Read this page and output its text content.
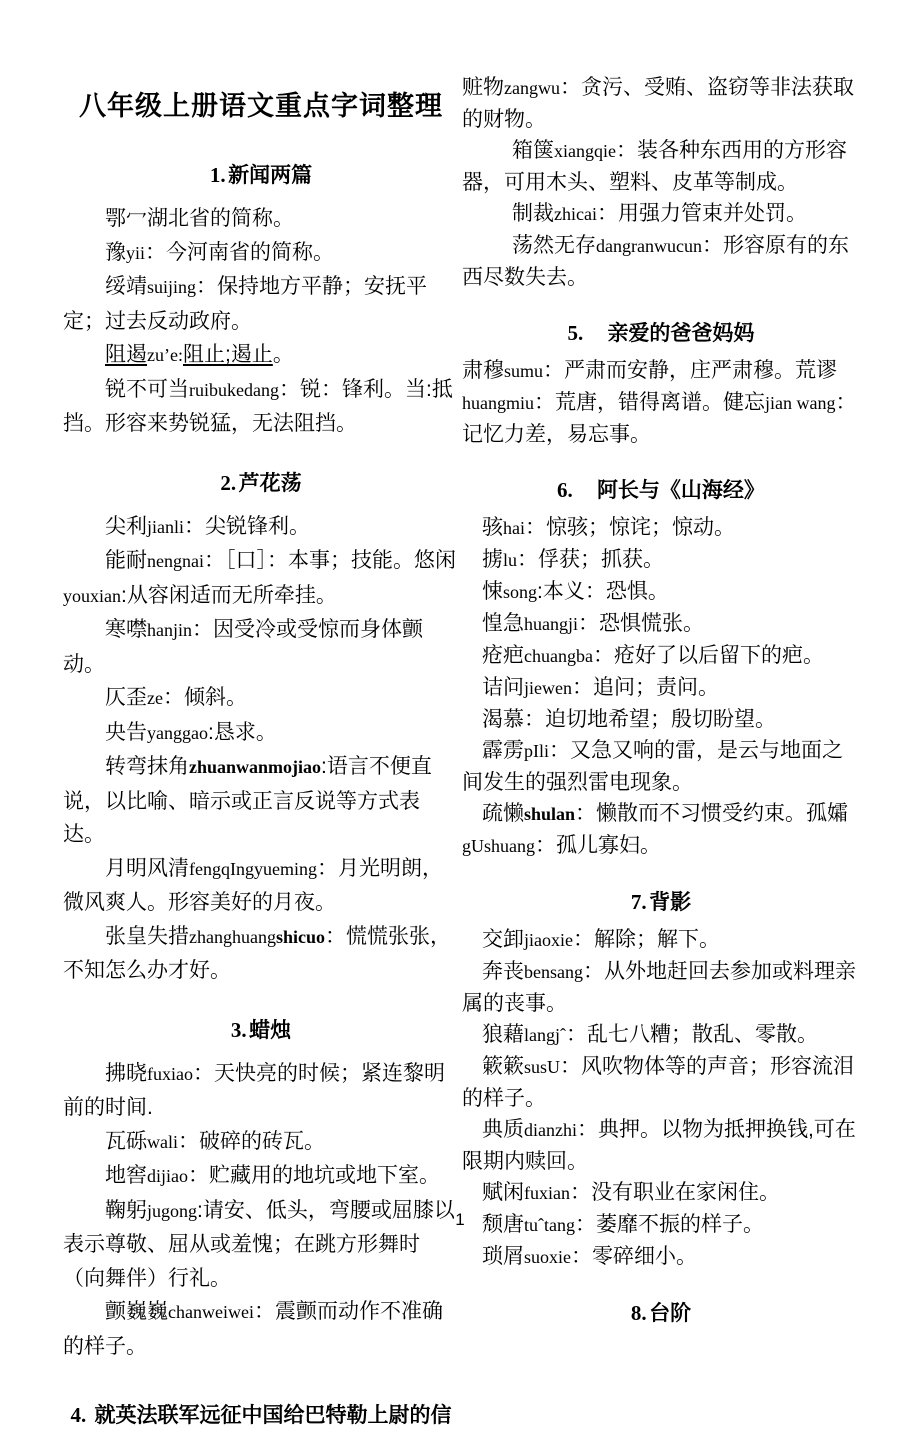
八年级上册语文重点字词整理
1. 新闻两篇

鄂冖湖北省的简称。

豫yii：今河南省的简称。

绥靖suijing：保持地方平静；安抚平定；过去反动政府。

阻遏zu’e:阻止;遏止。

锐不可当ruibukedang：锐：锋利。当:抵挡。形容来势锐猛，无法阻挡。

2. 芦花荡

尖利jianli：尖锐锋利。

能耐nengnai：［口］：本事；技能。悠闲youxian:从容闲适而无所牵挂。

寒噤hanjin：因受冷或受惊而身体颤动。

仄歪ze：倾斜。

央告yanggao:恳求。

转弯抹角zhuanwanmojiao:语言不便直说，以比喻、暗示或正言反说等方式表达。

月明风清fengqIngyueming：月光明朗，微风爽人。形容美好的月夜。

张皇失措zhanghuangshicuo：慌慌张张，不知怎么办才好。

3. 蜡烛

拂晓fuxiao：天快亮的时候；紧连黎明前的时间.

瓦砾wali：破碎的砖瓦。

地窖dijiao：贮藏用的地坑或地下室。

鞠躬jugong:请安、低头，弯腰或屈膝以表示尊敬、屈从或羞愧；在跳方形舞时（向舞伴）行礼。

颤巍巍chanweiwei：震颤而动作不准确的样子。

4. 就英法联军远征中国给巴特勒上尉的信

赃物zangwu：贪污、受贿、盗窃等非法获取的财物。

箱箧xiangqie：装各种东西用的方形容器，可用木头、塑料、皮革等制成。

制裁zhicai：用强力管束并处罚。

荡然无存dangranwucun：形容原有的东西尽数失去。

5. 亲爱的爸爸妈妈

肃穆sumu：严肃而安静，庄严肃穆。荒谬huangmiu：荒唐，错得离谱。健忘jian wang：记忆力差，易忘事。

6. 阿长与《山海经》

骇hai：惊骇；惊诧；惊动。

掳lu：俘获；抓获。

悚song:本义：恐惧。

惶急huangji：恐惧慌张。

疮疤chuangba：疮好了以后留下的疤。

诘问jiewen：追问；责问。

渴慕：迫切地希望；殷切盼望。

霹雳pIli：又急又响的雷，是云与地面之间发生的强烈雷电现象。

疏懒shulan：懒散而不习惯受约束。孤孀gUshuang：孤儿寡妇。

7. 背影

交卸jiaoxie：解除；解下。

奔丧bensang：从外地赶回去参加或料理亲属的丧事。

狼藉langjˆ：乱七八糟；散乱、零散。

簌簌susU：风吹物体等的声音；形容流泪的样子。

典质dianzhi：典押。以物为抵押换钱,可在限期内赎回。

赋闲fuxian：没有职业在家闲住。

颓唐tuˆtang：萎靡不振的样子。

琐屑suoxie：零碎细小。

8. 台阶
1
